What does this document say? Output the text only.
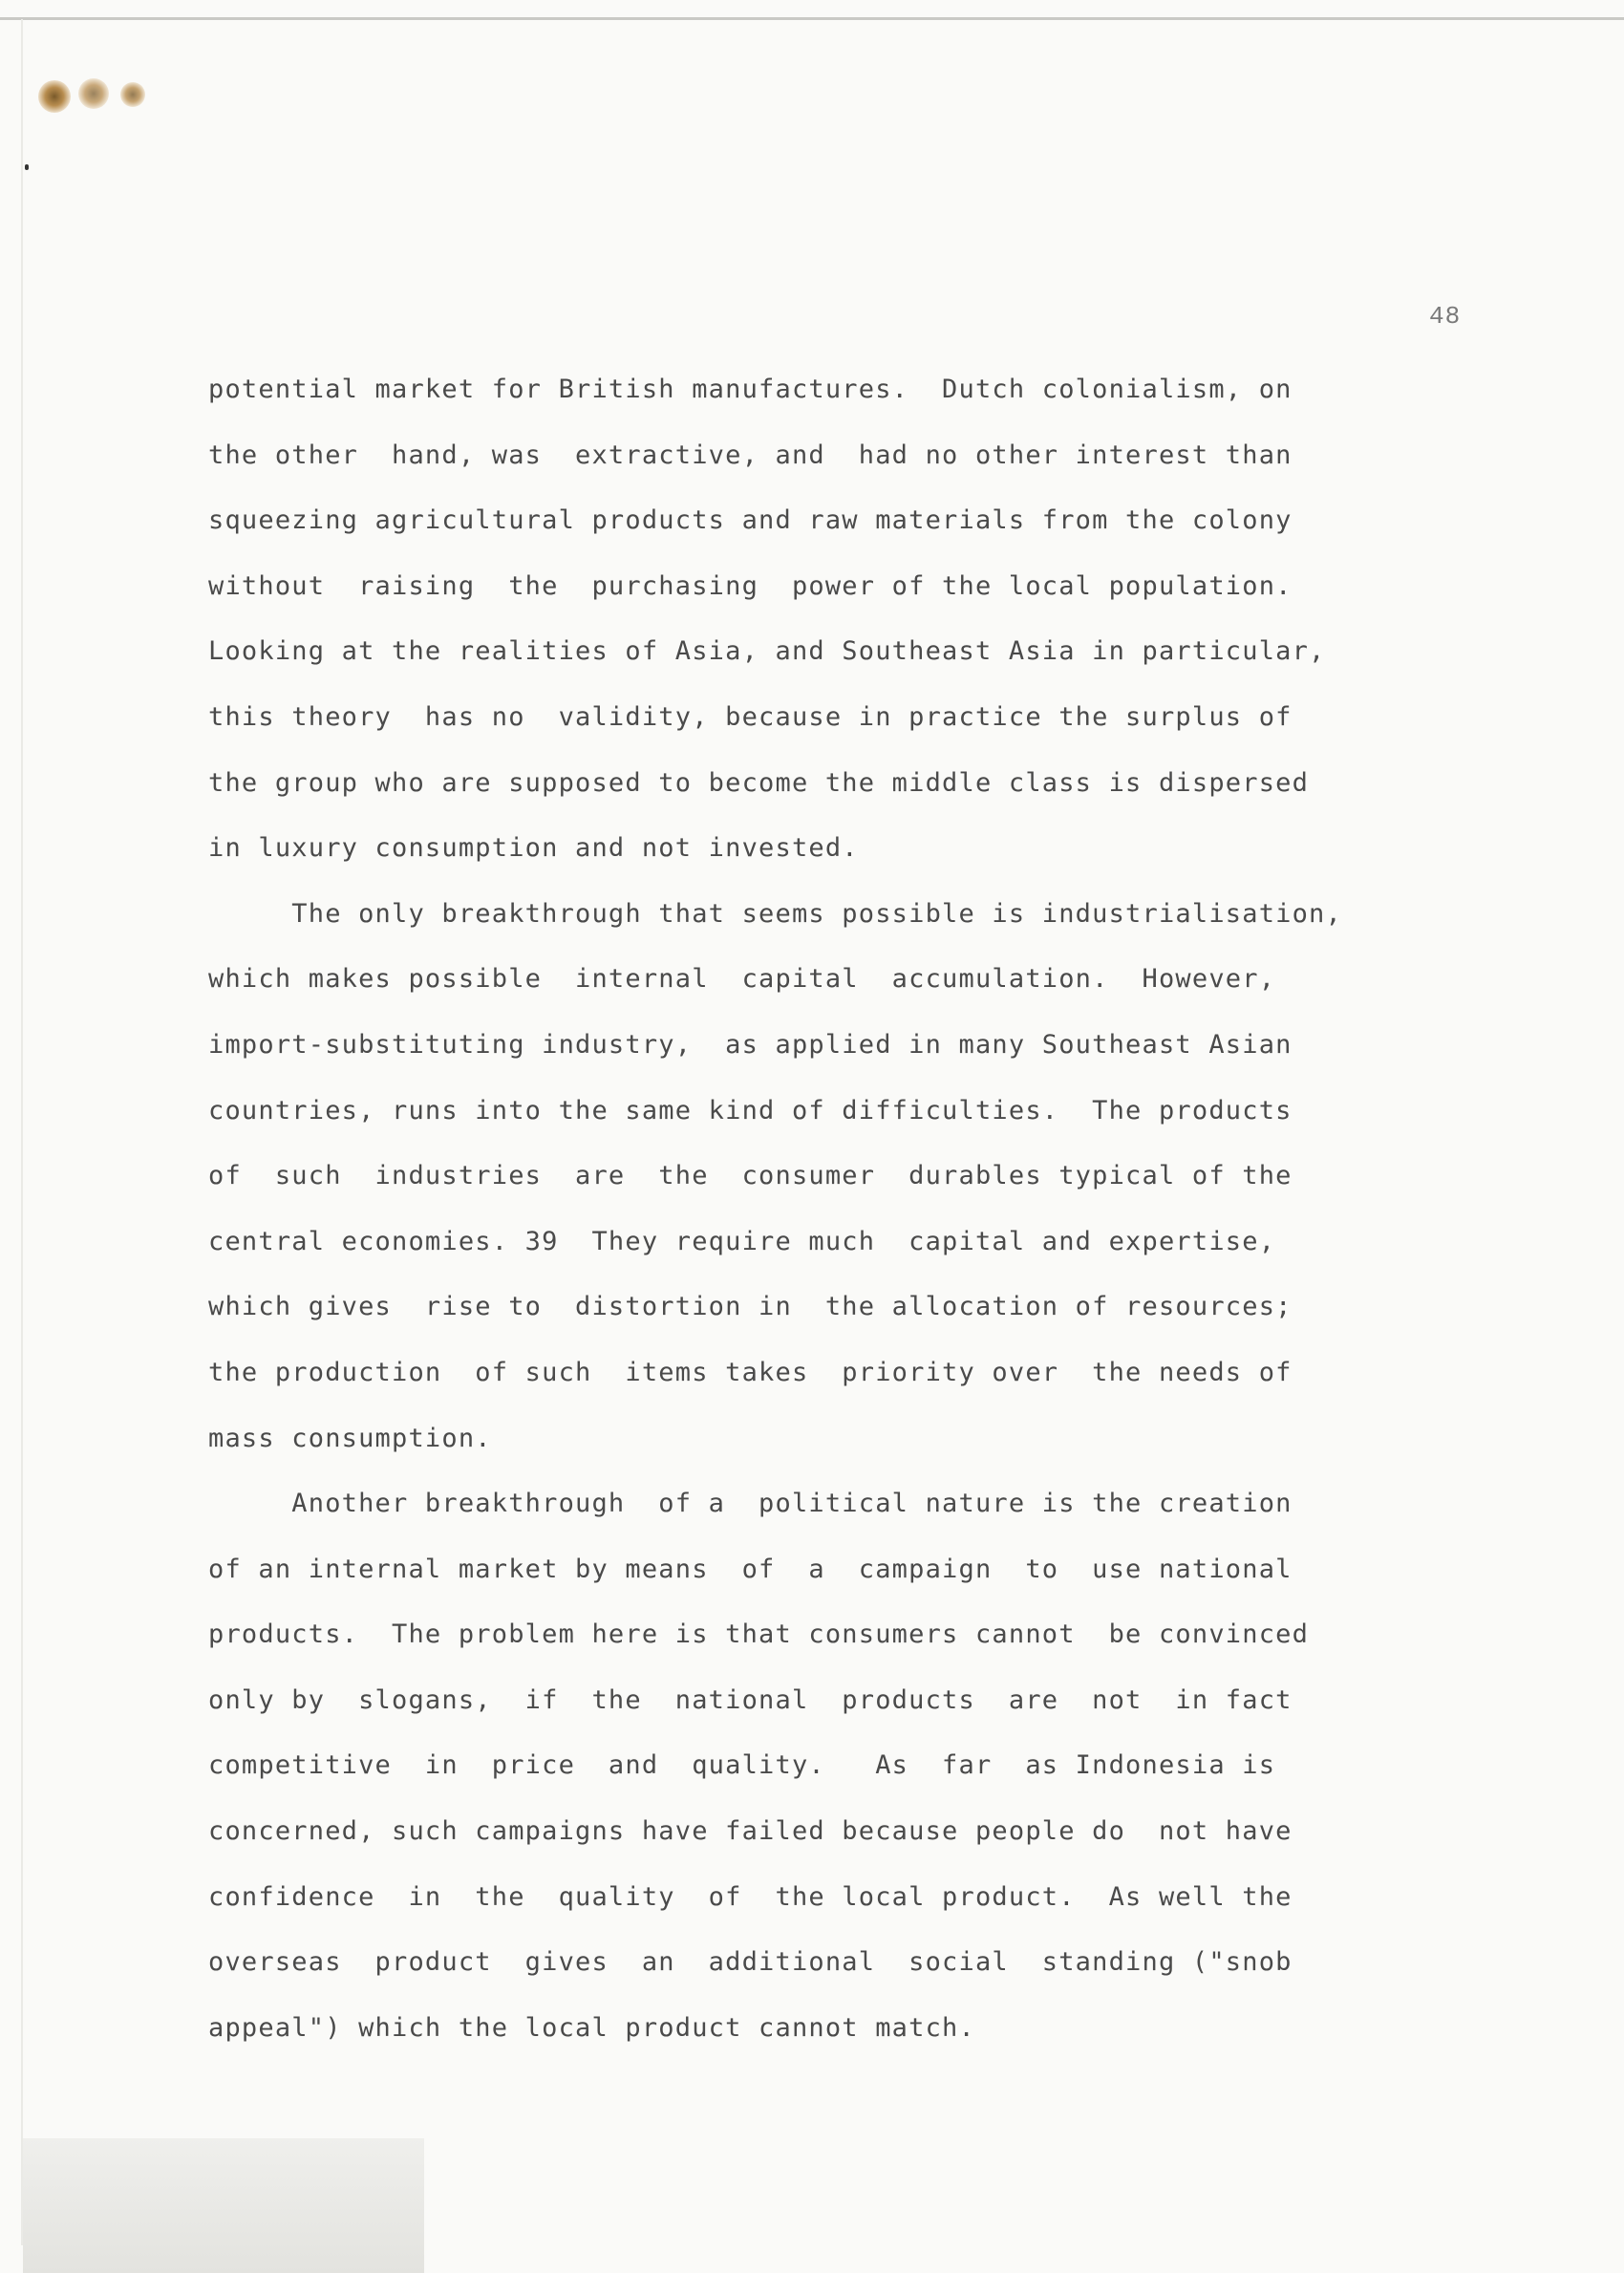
48
potential market for British manufactures.  Dutch colonialism, on
the other  hand, was  extractive, and  had no other interest than
squeezing agricultural products and raw materials from the colony
without  raising  the  purchasing  power of the local population.
Looking at the realities of Asia, and Southeast Asia in particular,
this theory  has no  validity, because in practice the surplus of
the group who are supposed to become the middle class is dispersed
in luxury consumption and not invested.
The only breakthrough that seems possible is industrialisation,
which makes possible  internal  capital  accumulation.  However,
import-substituting industry,  as applied in many Southeast Asian
countries, runs into the same kind of difficulties.  The products
of  such  industries  are  the  consumer  durables typical of the
central economies. 39  They require much  capital and expertise,
which gives  rise to  distortion in  the allocation of resources;
the production  of such  items takes  priority over  the needs of
mass consumption.
Another breakthrough  of a  political nature is the creation
of an internal market by means  of  a  campaign  to  use national
products.  The problem here is that consumers cannot  be convinced
only by  slogans,  if  the  national  products  are  not  in fact
competitive  in  price  and  quality.   As  far  as Indonesia is
concerned, such campaigns have failed because people do  not have
confidence  in  the  quality  of  the local product.  As well the
overseas  product  gives  an  additional  social  standing ("snob
appeal") which the local product cannot match.
